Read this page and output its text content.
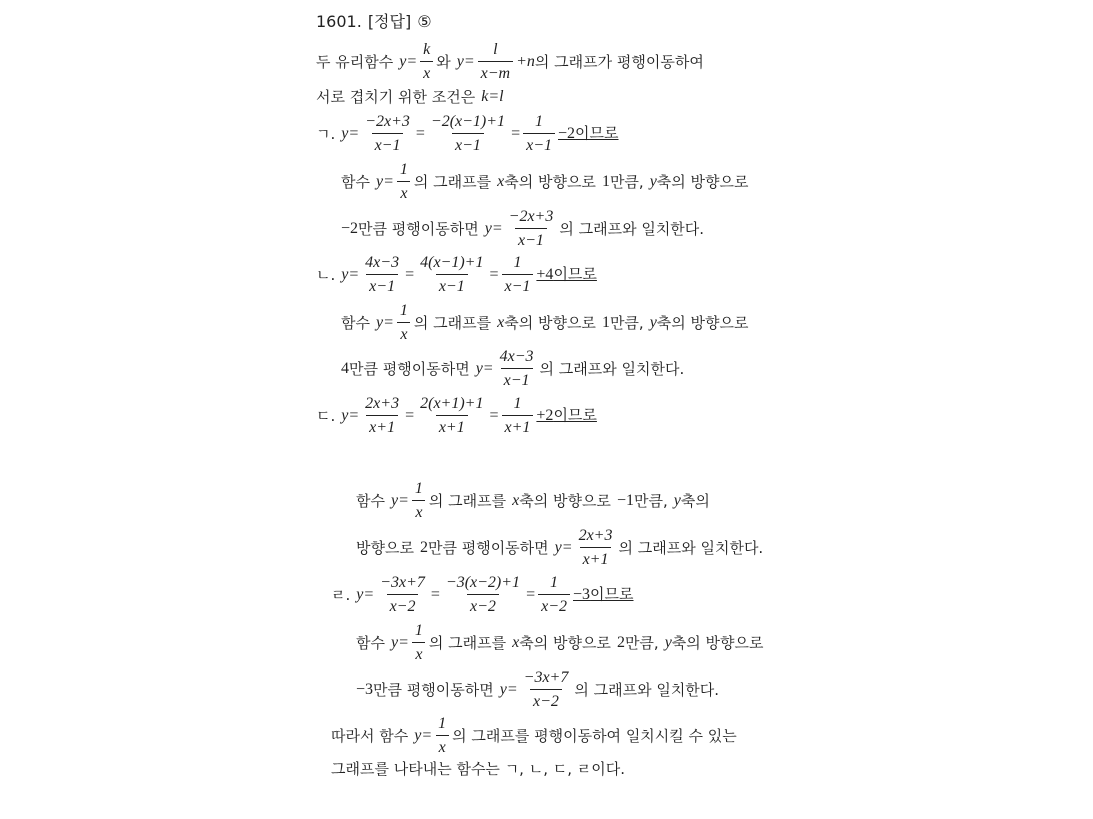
1601. [정답] ⑤
두 유리함수 $y= \frac{k}{x}$ 와 $y= \frac{l}{x-m} +n$ 의 그래프가 평행이동하여
서로 겹치기 위한 조건은 k=l
ㄱ. $y= \frac{-2x+3}{x-1} = \frac{-2(x-1)+1}{x-1} = \frac{1}{x-1} -2$이므로
함수 $y= \frac{1}{x}$ 의 그래프를 x 축의 방향으로 1 만큼, y 축의 방향으로
−2 만큼 평행이동하면 $y= \frac{-2x+3}{x-1}$ 의 그래프와 일치한다.
ㄴ. $y= \frac{4x-3}{x-1} = \frac{4(x-1)+1}{x-1} = \frac{1}{x-1} +4$이므로
함수 $y= \frac{1}{x}$ 의 그래프를 x 축의 방향으로 1 만큼, y 축의 방향으로
4 만큼 평행이동하면 $y= \frac{4x-3}{x-1}$ 의 그래프와 일치한다.
ㄷ. $y= \frac{2x+3}{x+1} = \frac{2(x+1)+1}{x+1} = \frac{1}{x+1} +2$이므로
함수 $y= \frac{1}{x}$ 의 그래프를 x 축의 방향으로 −1 만큼, y 축의
방향으로 2 만큼 평행이동하면 $y= \frac{2x+3}{x+1}$ 의 그래프와 일치한다.
ㄹ. $y= \frac{-3x+7}{x-2} = \frac{-3(x-2)+1}{x-2} = \frac{1}{x-2} -3$이므로
함수 $y= \frac{1}{x}$ 의 그래프를 x 축의 방향으로 2 만큼, y 축의 방향으로
−3 만큼 평행이동하면 $y= \frac{-3x+7}{x-2}$ 의 그래프와 일치한다.
따라서 함수 $y= \frac{1}{x}$ 의 그래프를 평행이동하여 일치시킬 수 있는
그래프를 나타내는 함수는 ㄱ, ㄴ, ㄷ, ㄹ이다.
